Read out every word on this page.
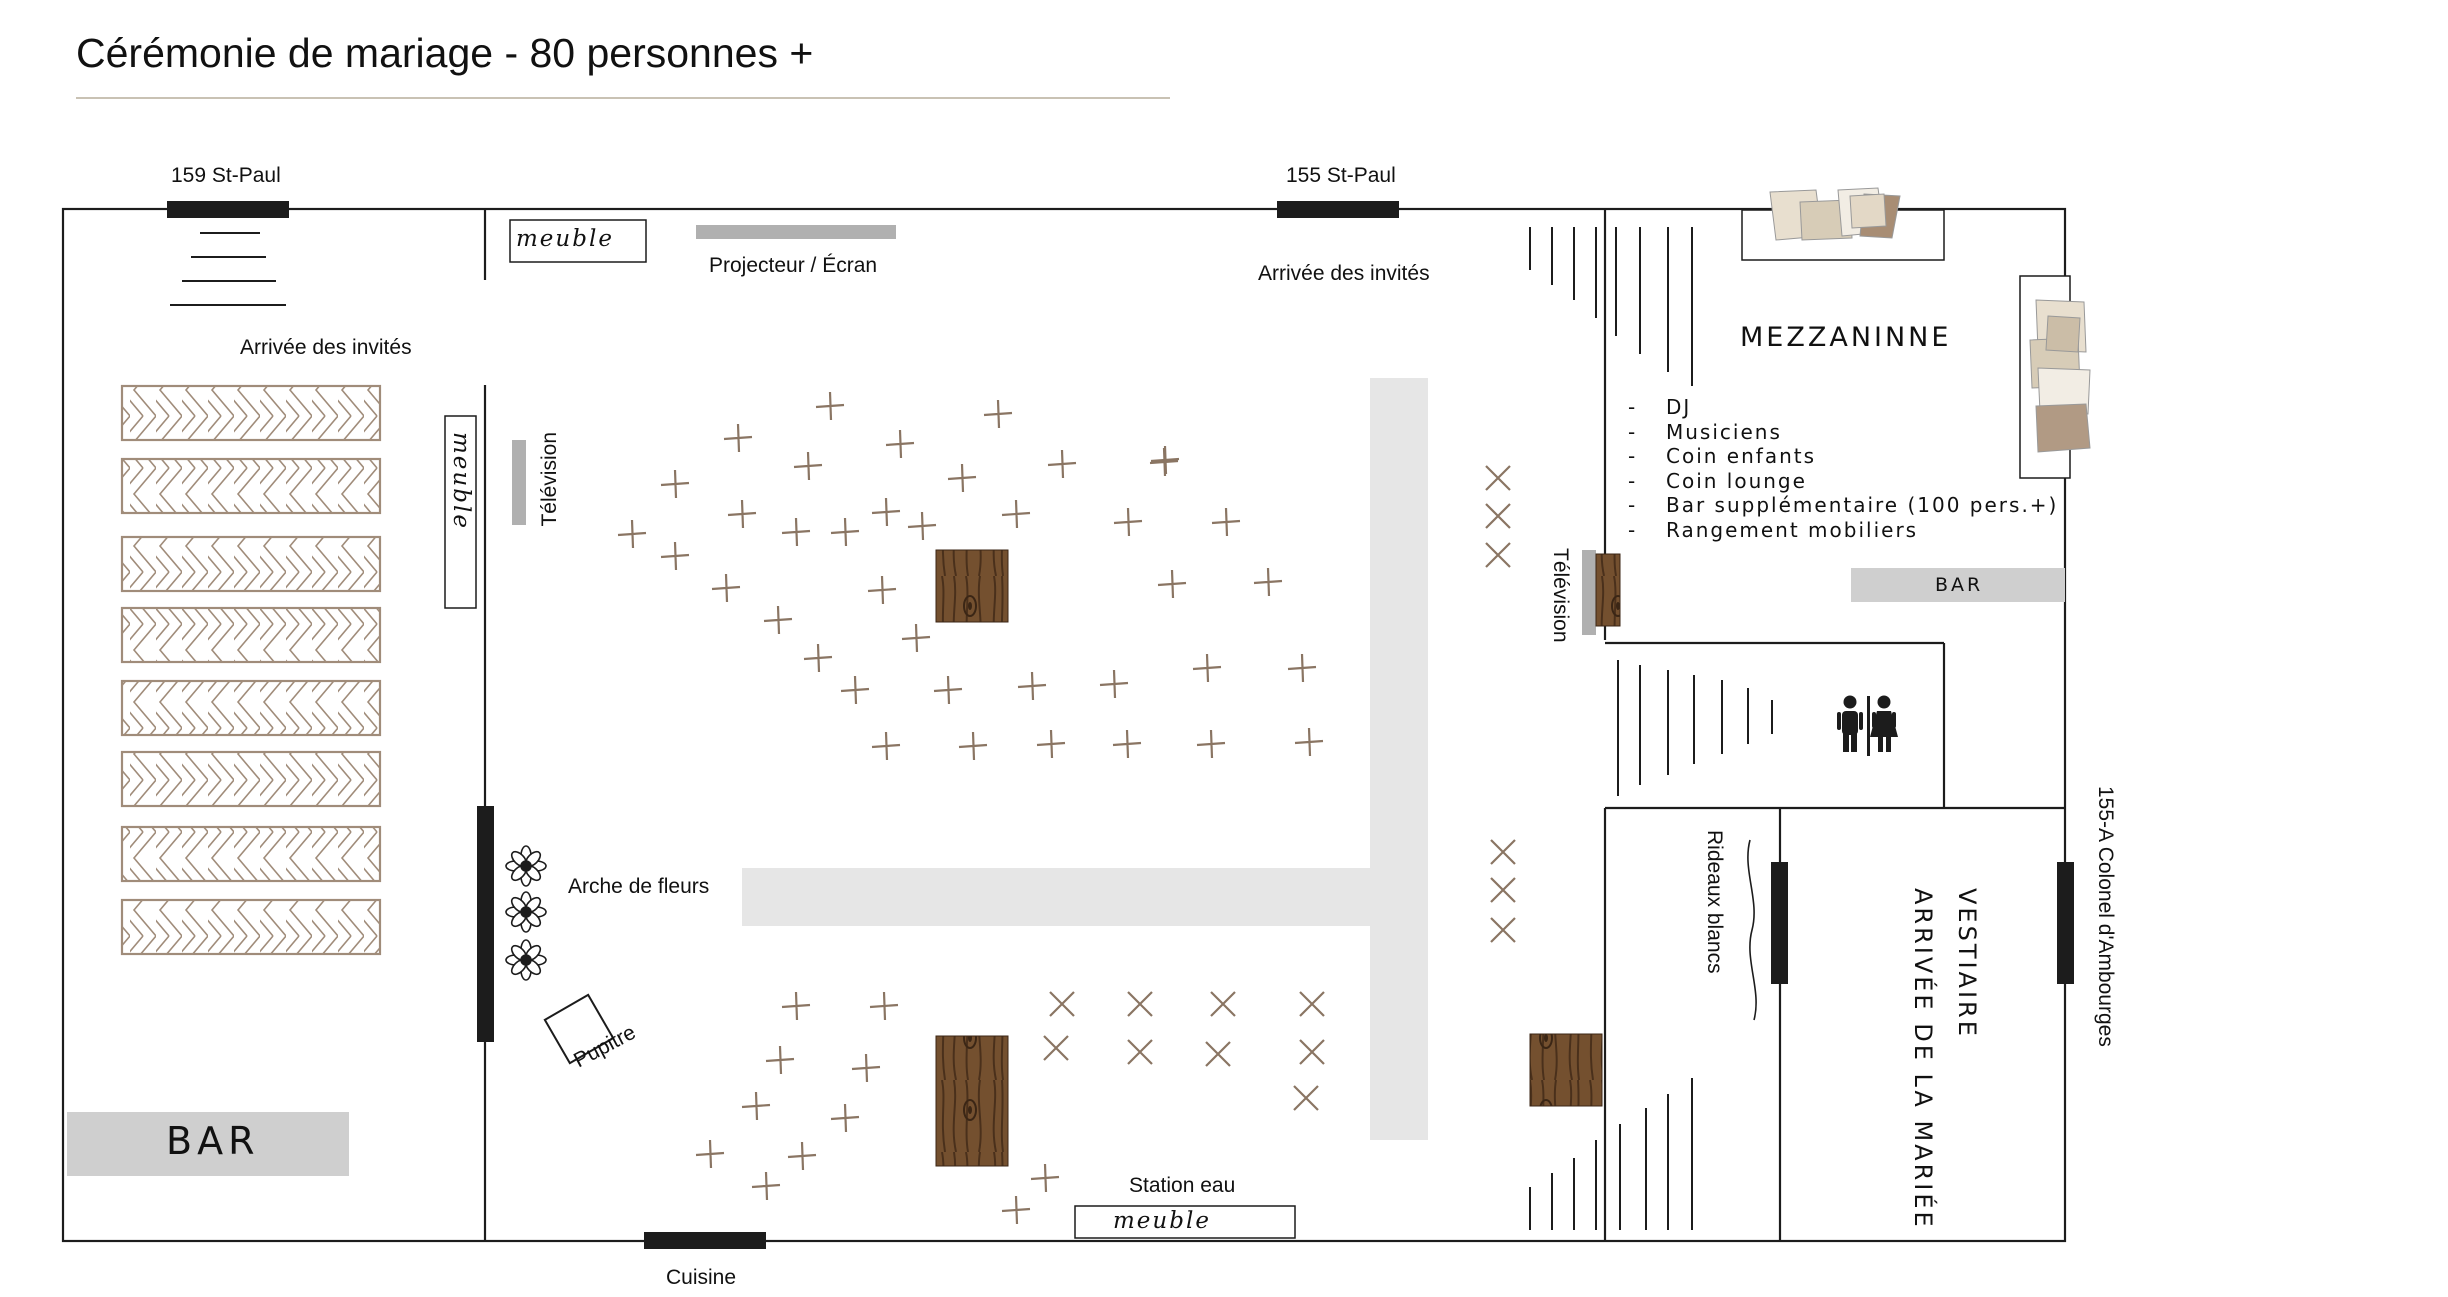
Cérémonie de mariage - 80 personnes +
159 St-Paul	155 St-Paul
Cuisine
155-A Colonel d'Ambourges
Arrivée des invités
Arrivée des invités
Projecteur / Écran
Télévision
Télévision
Arche de fleurs
Pupitre
Station eau
Rideaux blancs
BAR
BAR
MEZZANINNE
- DJ
- Musiciens
- Coin enfants
- Coin lounge
- Bar supplémentaire (100 pers.+)
- Rangement mobiliers
VESTIAIRE
ARRIVÉE DE LA MARIÉE
meuble
meuble
meuble
